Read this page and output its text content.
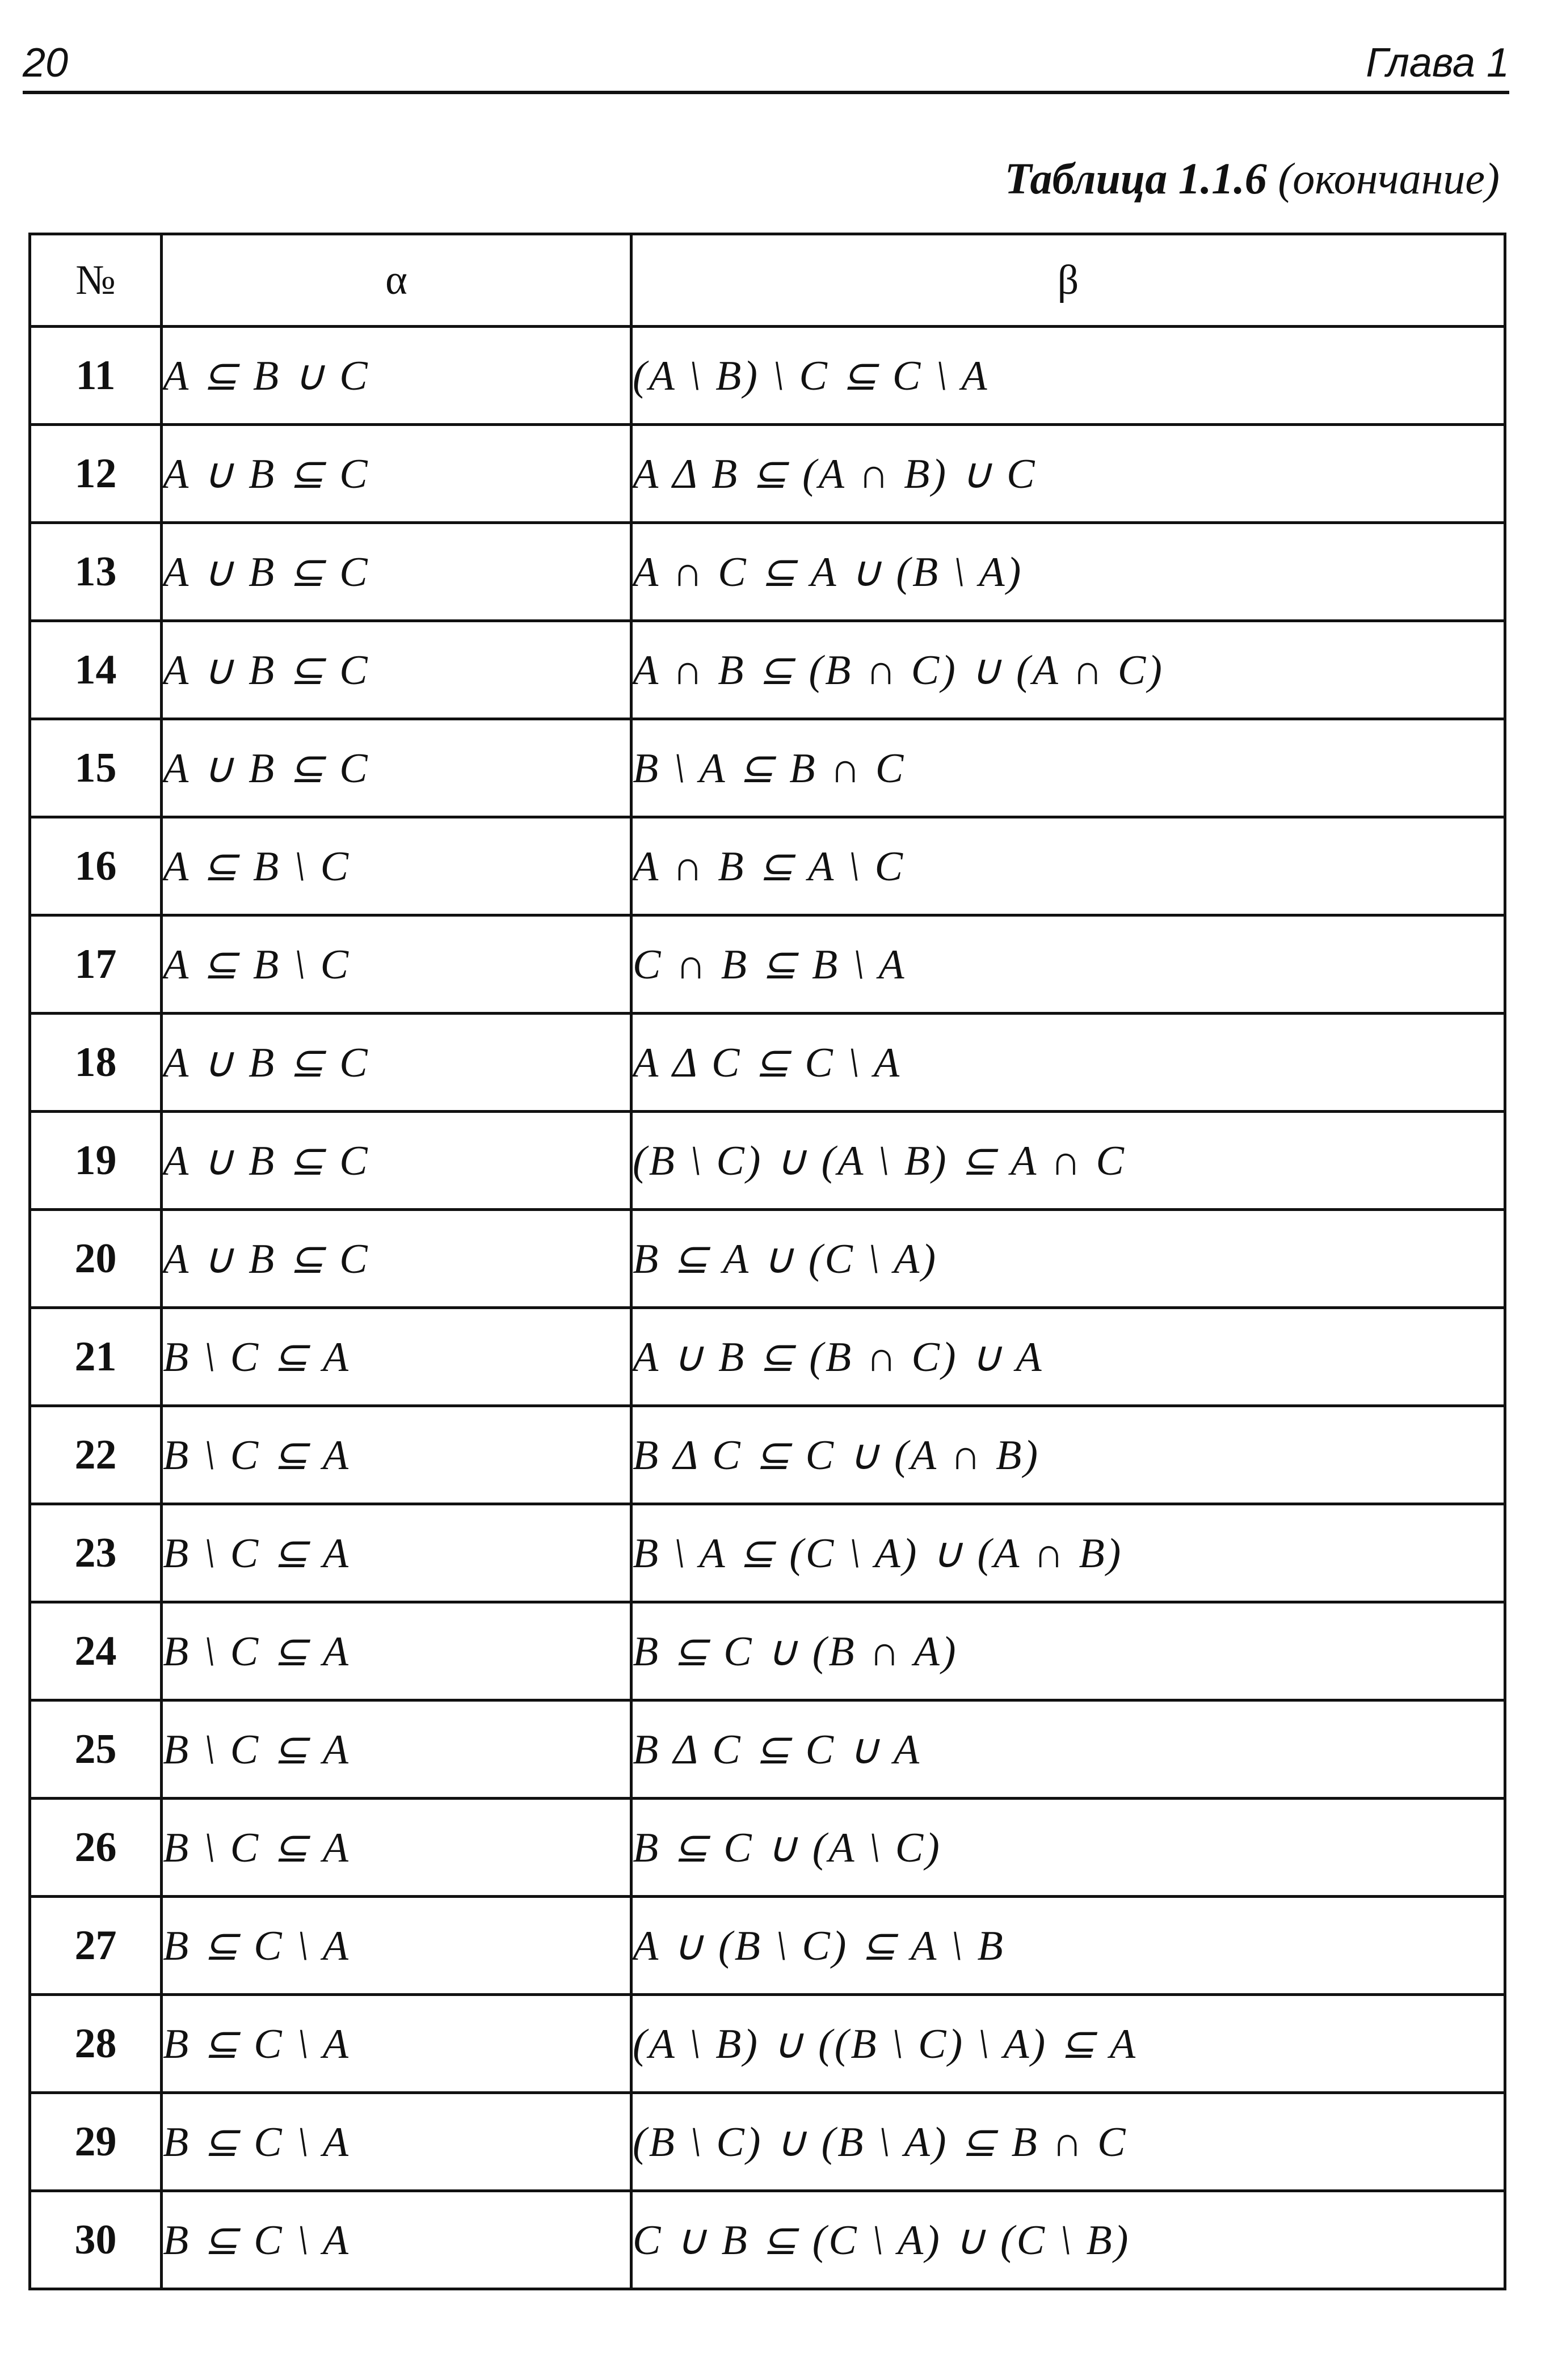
20	Глава 1
Таблица 1.1.6 (окончание)
№	α	β
11	A ⊆ B ∪ C	(A \ B) \ C ⊆ C \ A
12	A ∪ B ⊆ C	A Δ B ⊆ (A ∩ B) ∪ C
13	A ∪ B ⊆ C	A ∩ C ⊆ A ∪ (B \ A)
14	A ∪ B ⊆ C	A ∩ B ⊆ (B ∩ C) ∪ (A ∩ C)
15	A ∪ B ⊆ C	B \ A ⊆ B ∩ C
16	A ⊆ B \ C	A ∩ B ⊆ A \ C
17	A ⊆ B \ C	C ∩ B ⊆ B \ A
18	A ∪ B ⊆ C	A Δ C ⊆ C \ A
19	A ∪ B ⊆ C	(B \ C) ∪ (A \ B) ⊆ A ∩ C
20	A ∪ B ⊆ C	B ⊆ A ∪ (C \ A)
21	B \ C ⊆ A	A ∪ B ⊆ (B ∩ C) ∪ A
22	B \ C ⊆ A	B Δ C ⊆ C ∪ (A ∩ B)
23	B \ C ⊆ A	B \ A ⊆ (C \ A) ∪ (A ∩ B)
24	B \ C ⊆ A	B ⊆ C ∪ (B ∩ A)
25	B \ C ⊆ A	B Δ C ⊆ C ∪ A
26	B \ C ⊆ A	B ⊆ C ∪ (A \ C)
27	B ⊆ C \ A	A ∪ (B \ C) ⊆ A \ B
28	B ⊆ C \ A	(A \ B) ∪ ((B \ C) \ A) ⊆ A
29	B ⊆ C \ A	(B \ C) ∪ (B \ A) ⊆ B ∩ C
30	B ⊆ C \ A	C ∪ B ⊆ (C \ A) ∪ (C \ B)
